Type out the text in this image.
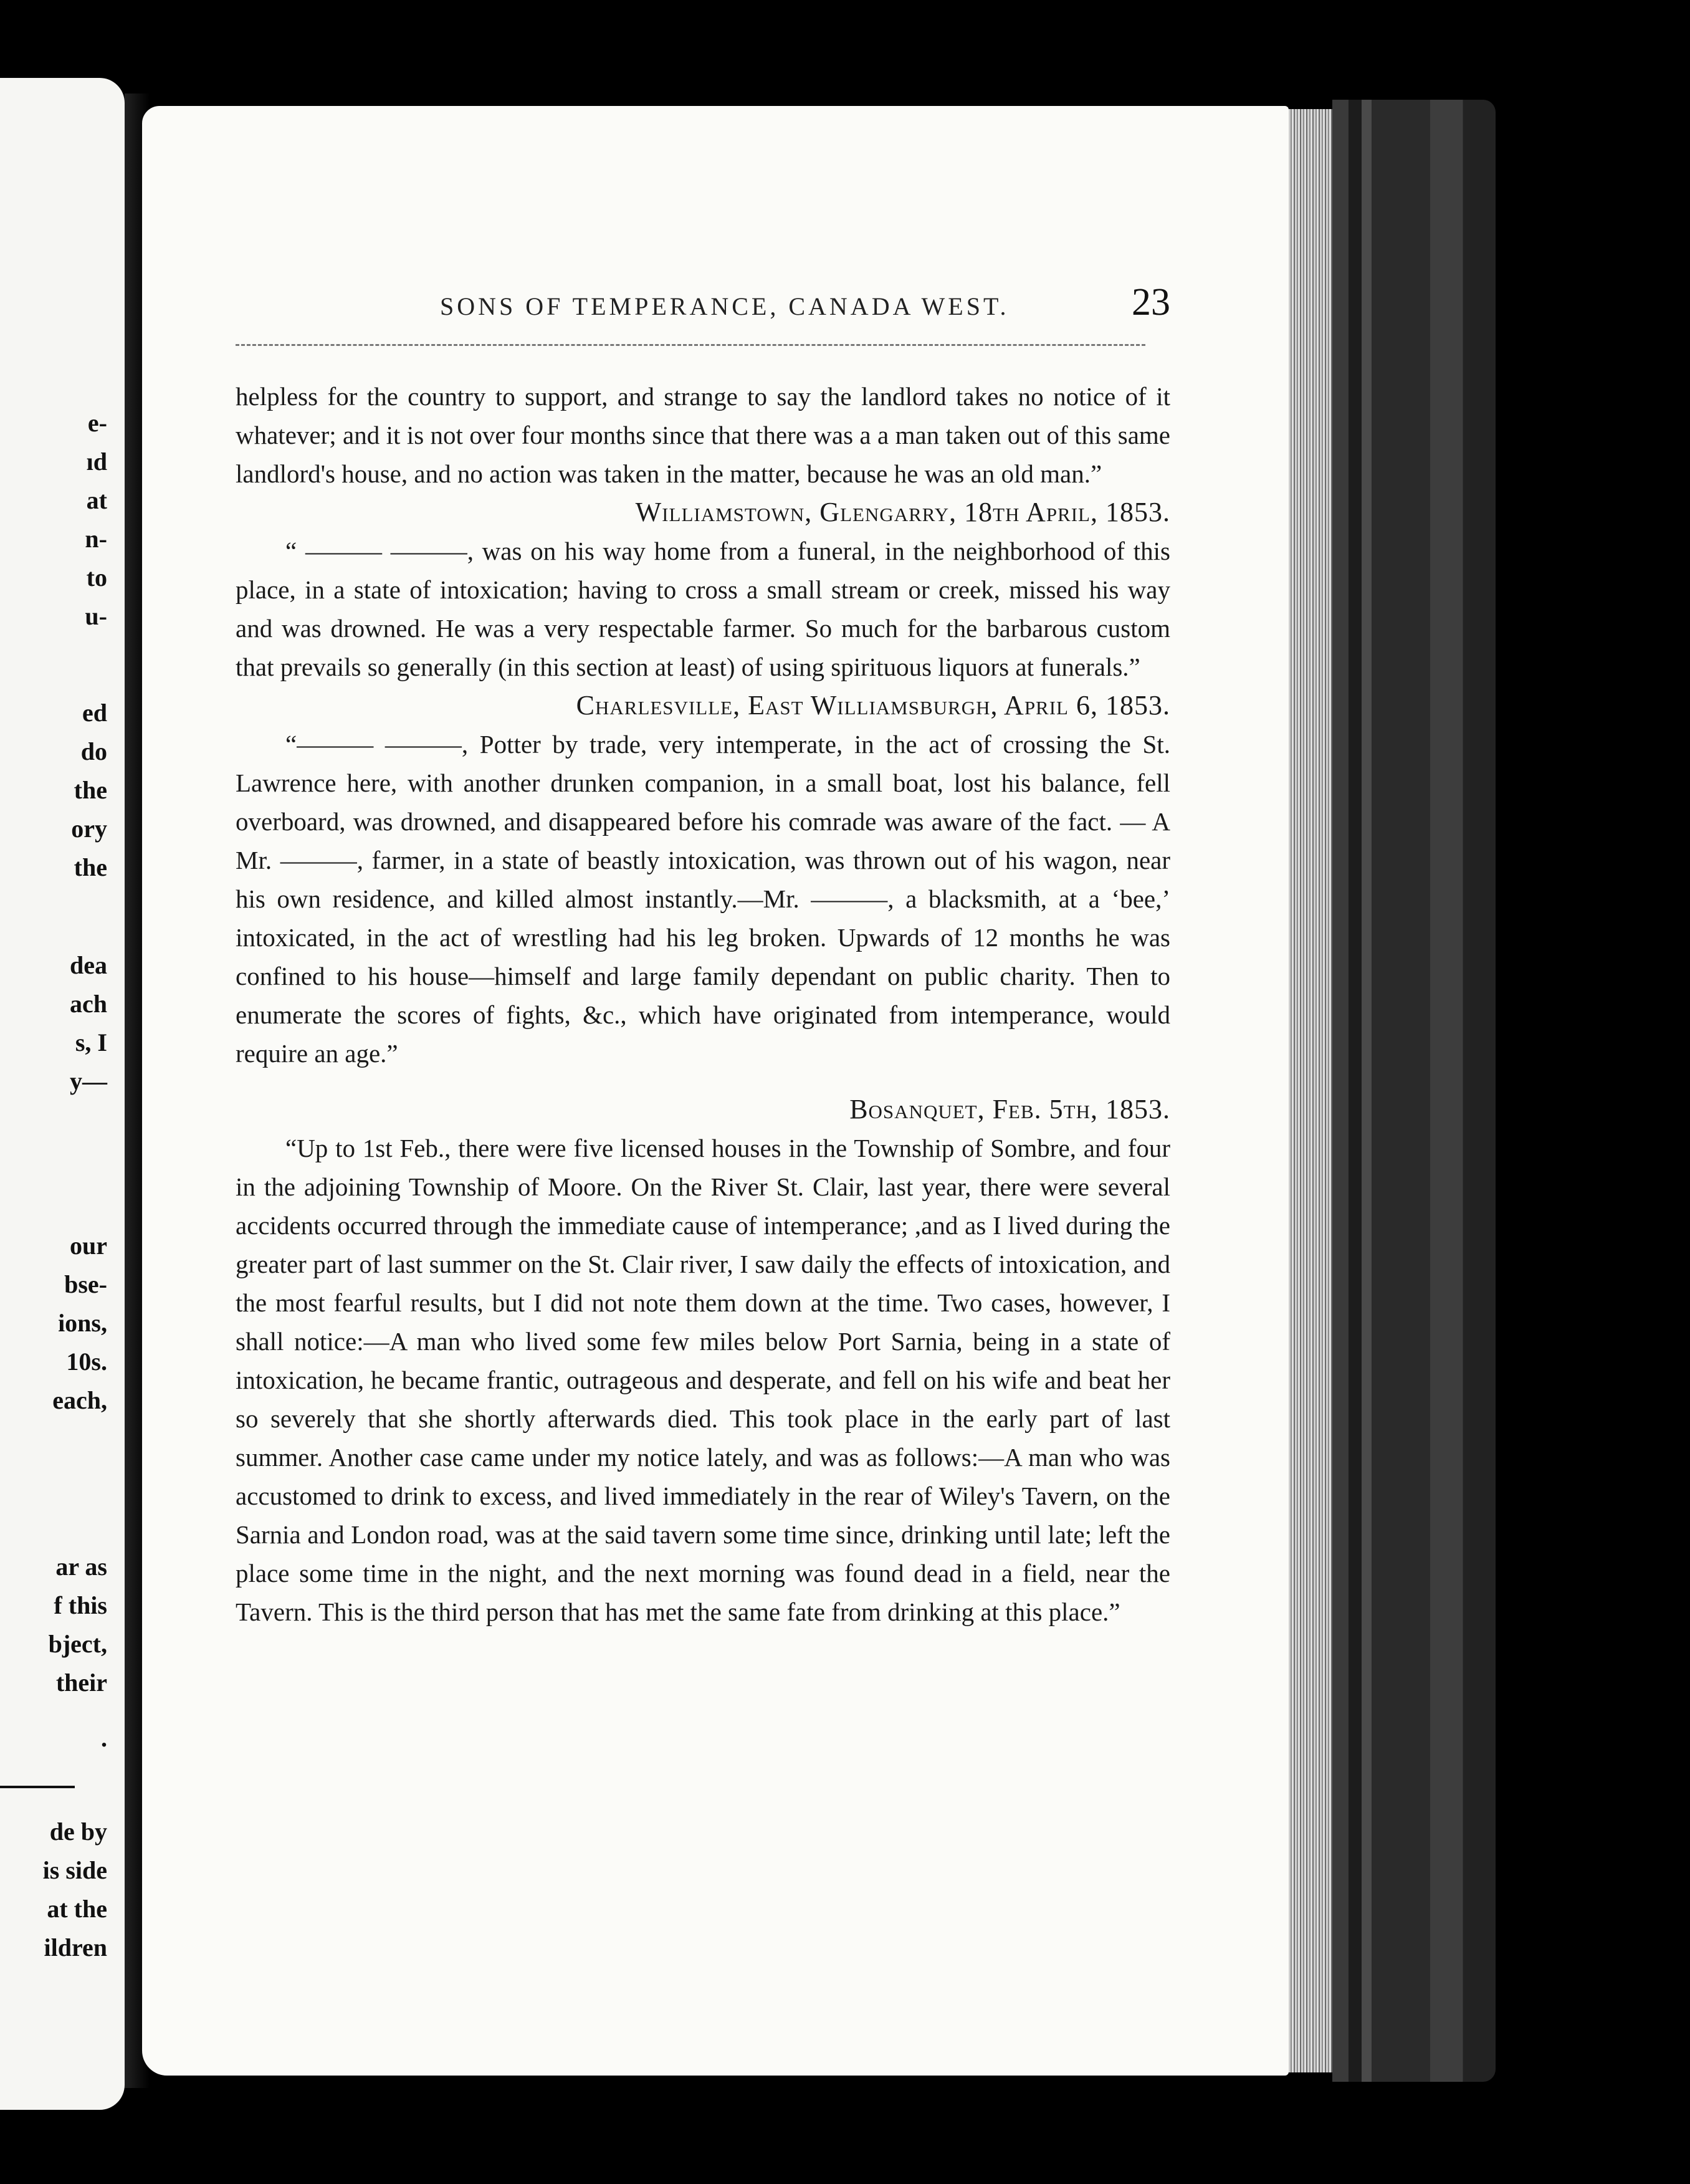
e-
ıd
at
n-
to
u-
ed
do
the
ory
the
dea
ach
s, I
y—
our
bse-
ions,
10s.
each,
ar as
f this
bject,
their
.
de by
is side
at the
ildren
SONS OF TEMPERANCE, CANADA WEST.	23

helpless for the country to support, and strange to say the landlord takes no notice of it whatever; and it is not over four months since that there was a a man taken out of this same landlord's house, and no action was taken in the matter, because he was an old man.”

Williamstown, Glengarry, 18th April, 1853.

“ ——— ———, was on his way home from a funeral, in the neighborhood of this place, in a state of intoxication; having to cross a small stream or creek, missed his way and was drowned. He was a very respectable farmer. So much for the barbarous custom that prevails so generally (in this section at least) of using spirituous liquors at funerals.”

Charlesville, East Williamsburgh, April 6, 1853.

“——— ———, Potter by trade, very intemperate, in the act of crossing the St. Lawrence here, with another drunken companion, in a small boat, lost his balance, fell overboard, was drowned, and disappeared before his comrade was aware of the fact. — A Mr. ———, farmer, in a state of beastly intoxication, was thrown out of his wagon, near his own residence, and killed almost instantly.—Mr. ———, a blacksmith, at a ‘bee,’ intoxicated, in the act of wrestling had his leg broken. Upwards of 12 months he was confined to his house—himself and large family dependant on public charity. Then to enumerate the scores of fights, &c., which have originated from intemperance, would require an age.”

Bosanquet, Feb. 5th, 1853.

“Up to 1st Feb., there were five licensed houses in the Township of Sombre, and four in the adjoining Township of Moore. On the River St. Clair, last year, there were several accidents occurred through the immediate cause of intemperance; ,and as I lived during the greater part of last summer on the St. Clair river, I saw daily the effects of intoxication, and the most fearful results, but I did not note them down at the time. Two cases, however, I shall notice:—A man who lived some few miles below Port Sarnia, being in a state of intoxication, he became frantic, outrageous and desperate, and fell on his wife and beat her so severely that she shortly afterwards died. This took place in the early part of last summer. Another case came under my notice lately, and was as follows:—A man who was accustomed to drink to excess, and lived immediately in the rear of Wiley's Tavern, on the Sarnia and London road, was at the said tavern some time since, drinking until late; left the place some time in the night, and the next morning was found dead in a field, near the Tavern. This is the third person that has met the same fate from drinking at this place.”
